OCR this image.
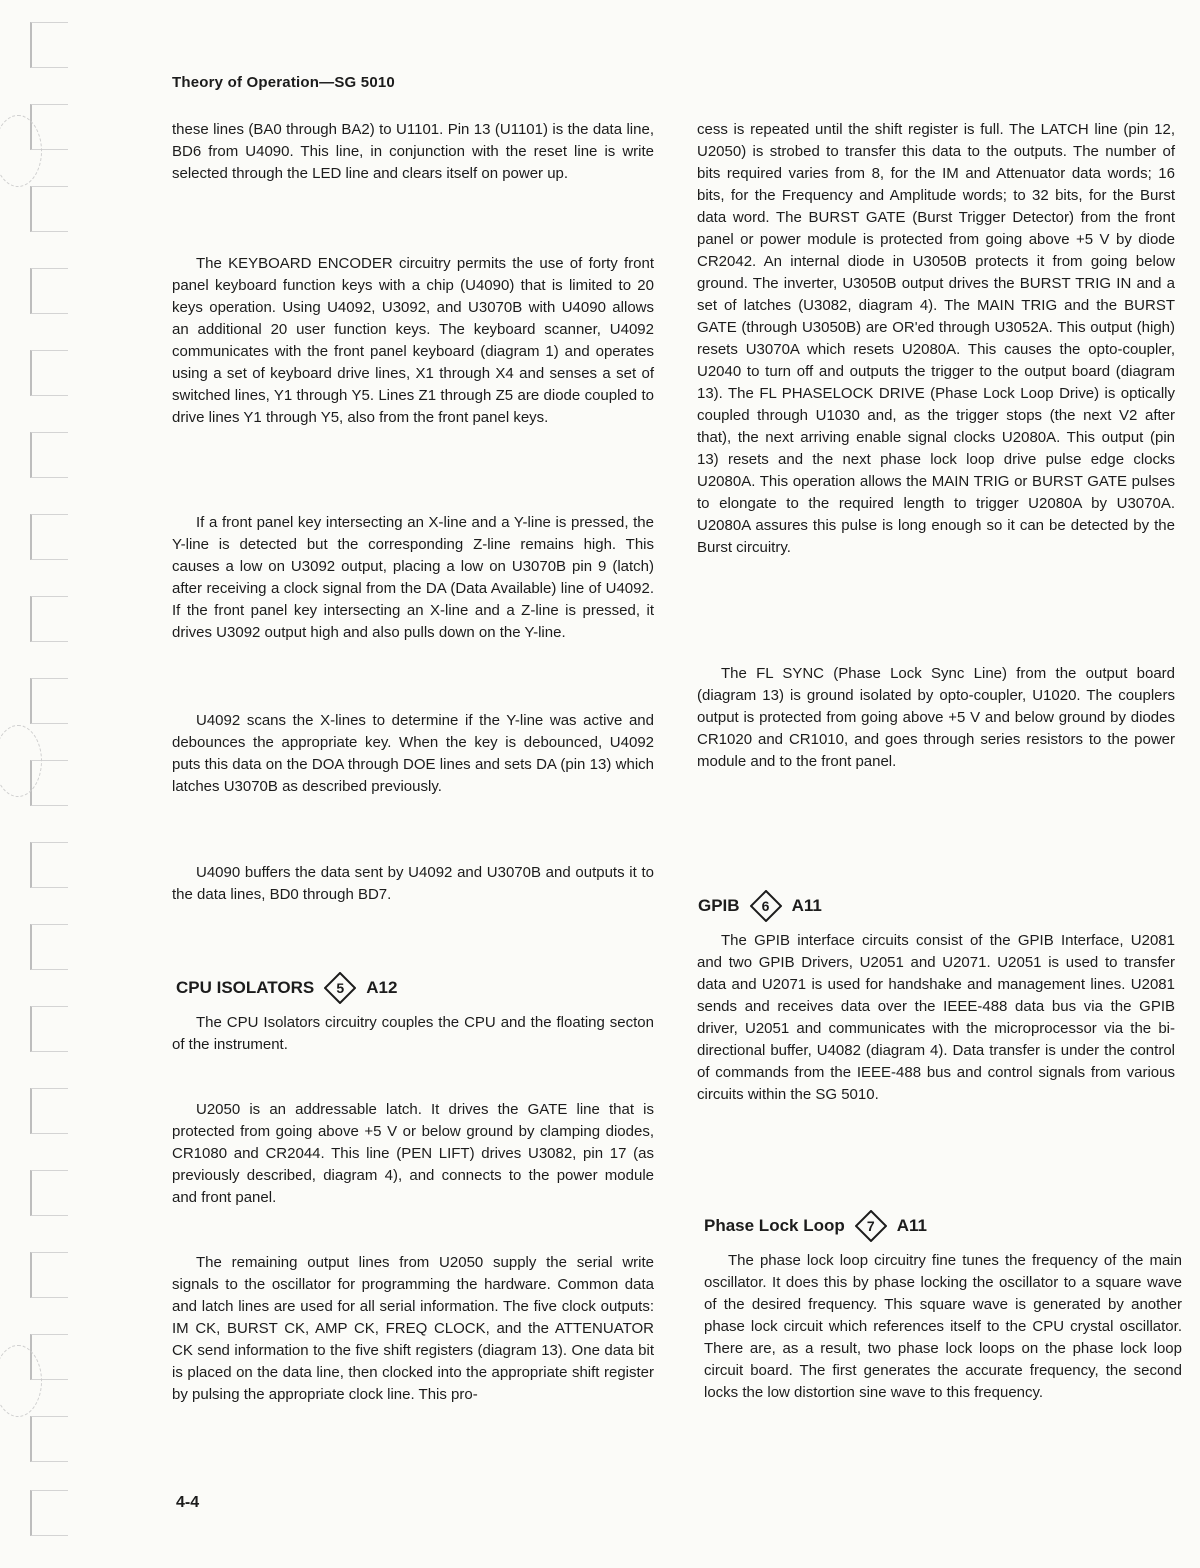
Theory of Operation—SG 5010

these lines (BA0 through BA2) to U1101. Pin 13 (U1101) is the data line, BD6 from U4090. This line, in conjunction with the reset line is write selected through the LED line and clears itself on power up.

The KEYBOARD ENCODER circuitry permits the use of forty front panel keyboard function keys with a chip (U4090) that is limited to 20 keys operation. Using U4092, U3092, and U3070B with U4090 allows an additional 20 user function keys. The keyboard scanner, U4092 communicates with the front panel keyboard (diagram 1) and operates using a set of keyboard drive lines, X1 through X4 and senses a set of switched lines, Y1 through Y5. Lines Z1 through Z5 are diode coupled to drive lines Y1 through Y5, also from the front panel keys.

If a front panel key intersecting an X-line and a Y-line is pressed, the Y-line is detected but the corresponding Z-line remains high. This causes a low on U3092 output, placing a low on U3070B pin 9 (latch) after receiving a clock signal from the DA (Data Available) line of U4092. If the front panel key intersecting an X-line and a Z-line is pressed, it drives U3092 output high and also pulls down on the Y-line.

U4092 scans the X-lines to determine if the Y-line was active and debounces the appropriate key. When the key is debounced, U4092 puts this data on the DOA through DOE lines and sets DA (pin 13) which latches U3070B as described previously.

U4090 buffers the data sent by U4092 and U3070B and outputs it to the data lines, BD0 through BD7.

CPU ISOLATORS	5	A12

The CPU Isolators circuitry couples the CPU and the floating secton of the instrument.

U2050 is an addressable latch. It drives the GATE line that is protected from going above +5 V or below ground by clamping diodes, CR1080 and CR2044. This line (PEN LIFT) drives U3082, pin 17 (as previously described, diagram 4), and connects to the power module and front panel.

The remaining output lines from U2050 supply the serial write signals to the oscillator for programming the hardware. Common data and latch lines are used for all serial information. The five clock outputs: IM CK, BURST CK, AMP CK, FREQ CLOCK, and the ATTENUATOR CK send information to the five shift registers (diagram 13). One data bit is placed on the data line, then clocked into the appropriate shift register by pulsing the appropriate clock line. This pro-

cess is repeated until the shift register is full. The LATCH line (pin 12, U2050) is strobed to transfer this data to the outputs. The number of bits required varies from 8, for the IM and Attenuator data words; 16 bits, for the Frequency and Amplitude words; to 32 bits, for the Burst data word. The BURST GATE (Burst Trigger Detector) from the front panel or power module is protected from going above +5 V by diode CR2042. An internal diode in U3050B protects it from going below ground. The inverter, U3050B output drives the BURST TRIG IN and a set of latches (U3082, diagram 4). The MAIN TRIG and the BURST GATE (through U3050B) are OR'ed through U3052A. This output (high) resets U3070A which resets U2080A. This causes the opto-coupler, U2040 to turn off and outputs the trigger to the output board (diagram 13). The FL PHASELOCK DRIVE (Phase Lock Loop Drive) is optically coupled through U1030 and, as the trigger stops (the next V2 after that), the next arriving enable signal clocks U2080A. This output (pin 13) resets and the next phase lock loop drive pulse edge clocks U2080A. This operation allows the MAIN TRIG or BURST GATE pulses to elongate to the required length to trigger U2080A by U3070A. U2080A assures this pulse is long enough so it can be detected by the Burst circuitry.

The FL SYNC (Phase Lock Sync Line) from the output board (diagram 13) is ground isolated by opto-coupler, U1020. The couplers output is protected from going above +5 V and below ground by diodes CR1020 and CR1010, and goes through series resistors to the power module and to the front panel.

GPIB	6	A11

The GPIB interface circuits consist of the GPIB Interface, U2081 and two GPIB Drivers, U2051 and U2071. U2051 is used to transfer data and U2071 is used for handshake and management lines. U2081 sends and receives data over the IEEE-488 data bus via the GPIB driver, U2051 and communicates with the microprocessor via the bi-directional buffer, U4082 (diagram 4). Data transfer is under the control of commands from the IEEE-488 bus and control signals from various circuits within the SG 5010.

Phase Lock Loop	7	A11

The phase lock loop circuitry fine tunes the frequency of the main oscillator. It does this by phase locking the oscillator to a square wave of the desired frequency. This square wave is generated by another phase lock circuit which references itself to the CPU crystal oscillator. There are, as a result, two phase lock loops on the phase lock loop circuit board. The first generates the accurate frequency, the second locks the low distortion sine wave to this frequency.

4-4
